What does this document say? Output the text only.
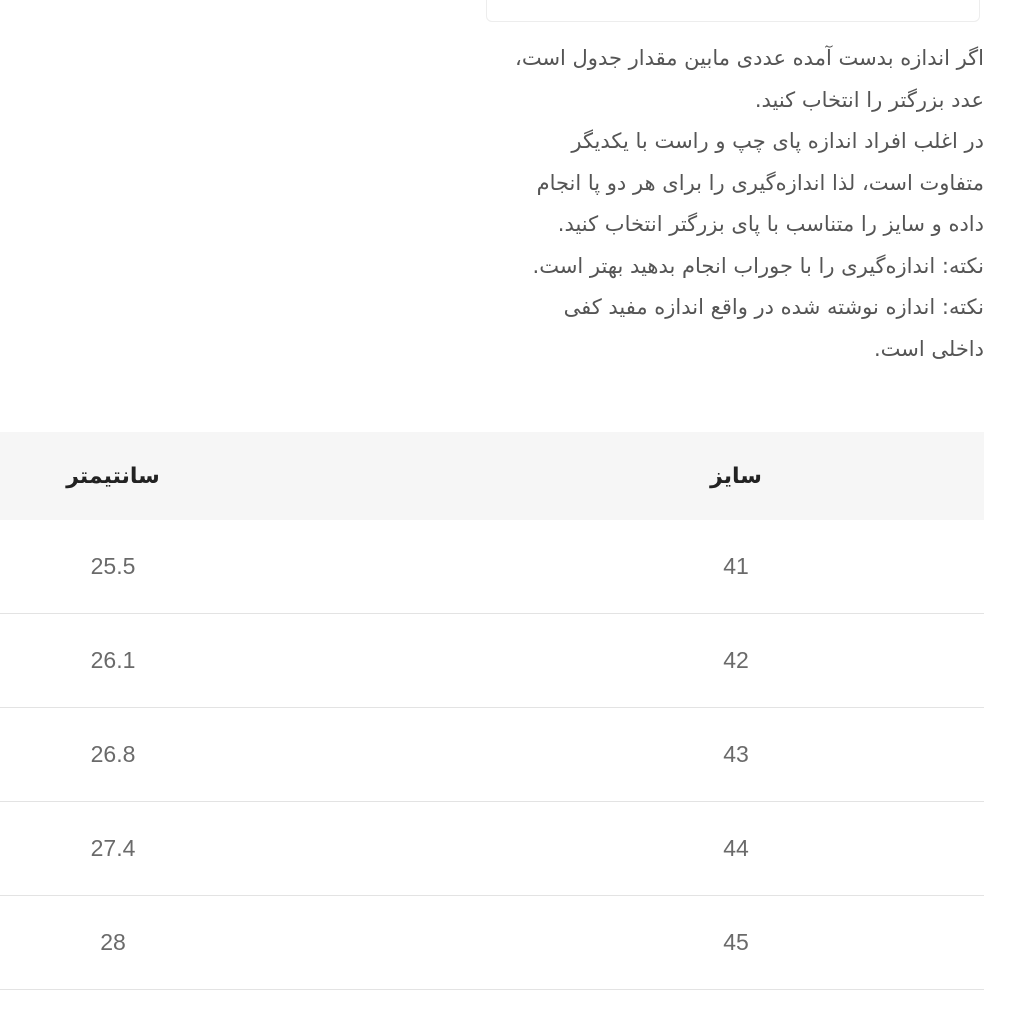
اگر اندازه بدست آمده عددی مابین مقدار جدول است،
عدد بزرگتر را انتخاب کنید.
در اغلب افراد اندازه پای چپ و راست با یکدیگر
متفاوت است، لذا اندازه‌گیری را برای هر دو پا انجام
داده و سایز را متناسب با پای بزرگتر انتخاب کنید.
نکته: اندازه‌گیری را با جوراب انجام بدهید بهتر است.
نکته: اندازه نوشته شده در واقع اندازه مفید کفی
داخلی است.
سایز	سانتیمتر

41	25.5

42	26.1

43	26.8

44	27.4

45	28
